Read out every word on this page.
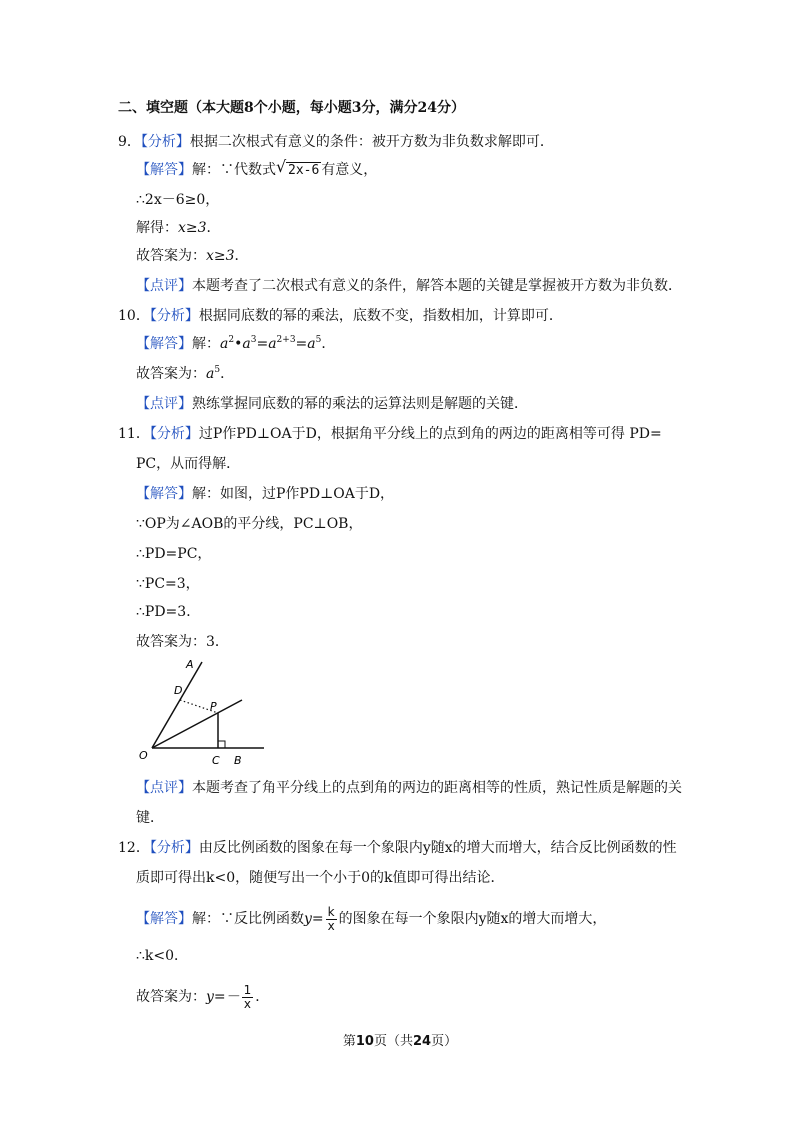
二、填空题（本大题8个小题，每小题3分，满分24分）
9．【分析】根据二次根式有意义的条件：被开方数为非负数求解即可．
【解答】解：∵代数式 √ 2x-6 有意义，
∴2x－6≥0，
解得：x≥3．
故答案为：x≥3．
【点评】本题考查了二次根式有意义的条件，解答本题的关键是掌握被开方数为非负数．
10．【分析】根据同底数的幂的乘法，底数不变，指数相加，计算即可．
【解答】解：$a^2•a^3=a^{2+3}=a^5$．
故答案为：$a^5$．
【点评】熟练掌握同底数的幂的乘法的运算法则是解题的关键．
11．【分析】过P作PD⊥OA于D，根据角平分线上的点到角的两边的距离相等可得 PD=
PC，从而得解．
【解答】解：如图，过P作PD⊥OA于D，
∵OP为∠AOB的平分线，PC⊥OB，
∴PD=PC，
∵PC=3，
∴PD=3．
故答案为：3．
A
D
P
O	C B
【点评】本题考查了角平分线上的点到角的两边的距离相等的性质，熟记性质是解题的关
键．
12．【分析】由反比例函数的图象在每一个象限内y随x的增大而增大，结合反比例函数的性
质即可得出k<0，随便写出一个小于0的k值即可得出结论．
【解答】解：∵反比例函数$y= \frac{k}{x}$ 的图象在每一个象限内y随x的增大而增大，
∴k<0．
故答案为：$y=- \frac{1}{x}$ ．
第10页（共24页）
